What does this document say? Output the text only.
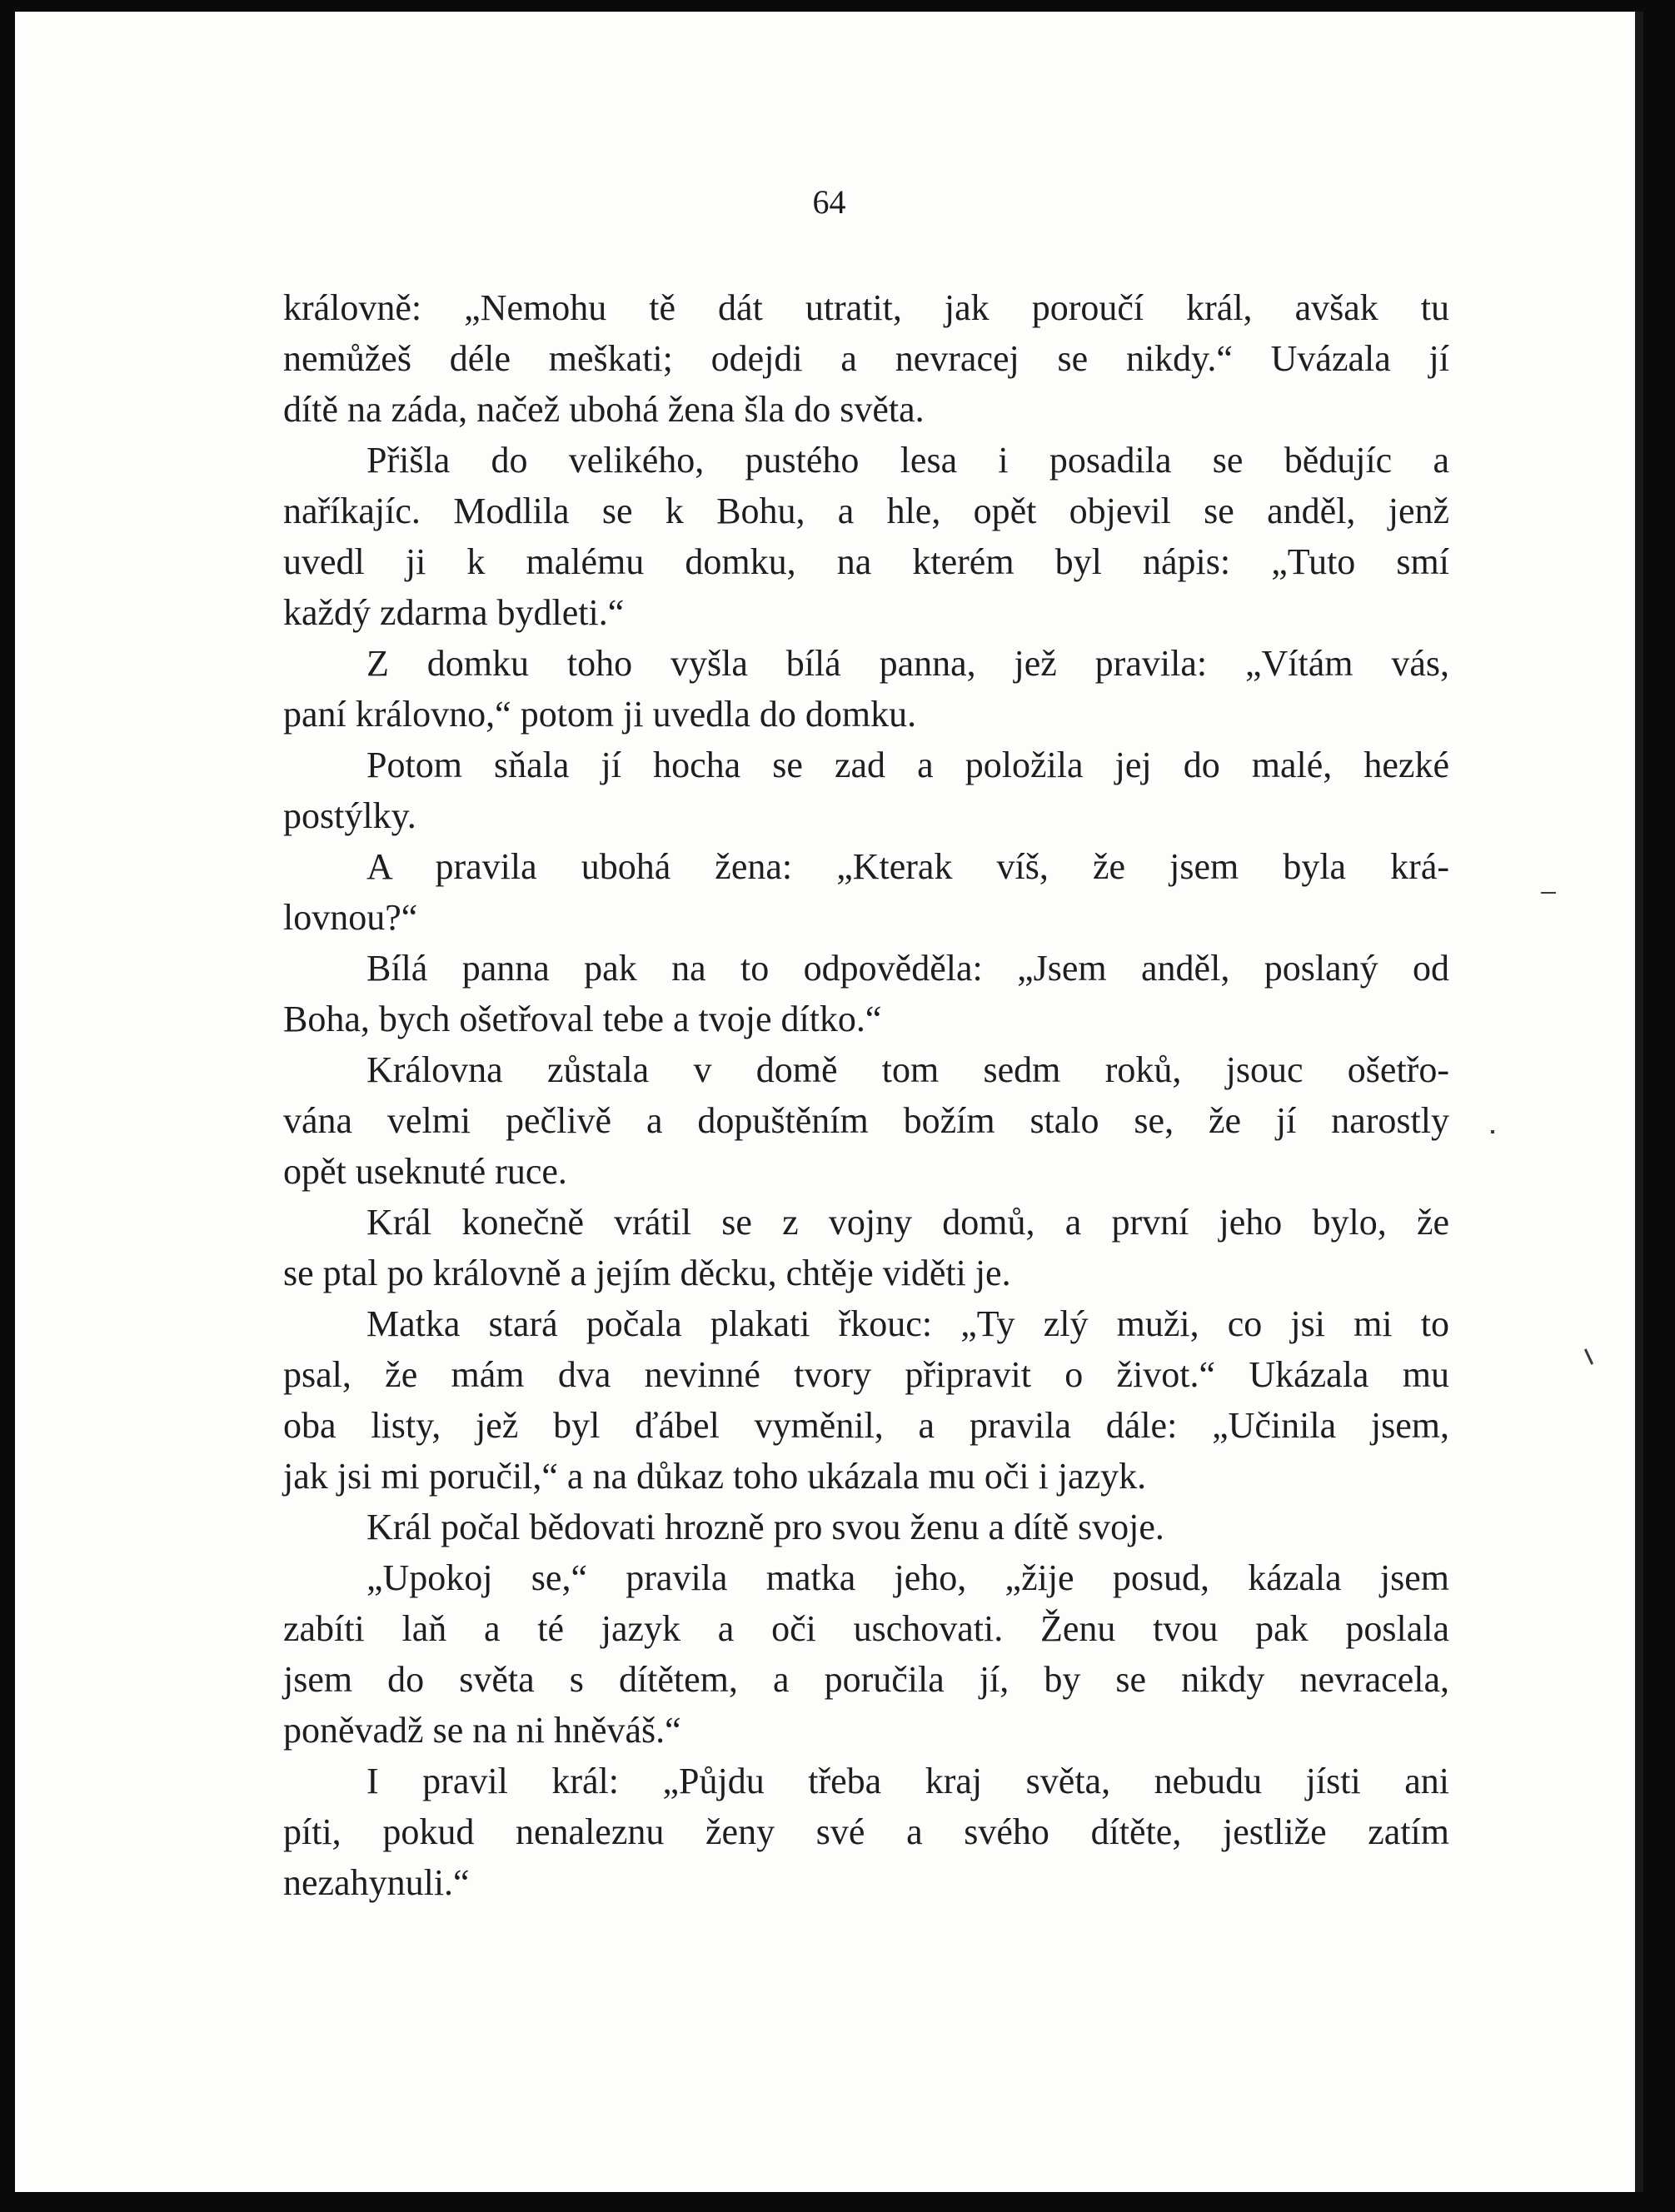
64
královně: „Nemohu tě dát utratit, jak poroučí král, avšak tu
nemůžeš déle meškati; odejdi a nevracej se nikdy.“ Uvázala jí
dítě na záda, načež ubohá žena šla do světa.
Přišla do velikého, pustého lesa i posadila se bědujíc a
naříkajíc. Modlila se k Bohu, a hle, opět objevil se anděl, jenž
uvedl ji k malému domku, na kterém byl nápis: „Tuto smí
každý zdarma bydleti.“
Z domku toho vyšla bílá panna, jež pravila: „Vítám vás,
paní královno,“ potom ji uvedla do domku.
Potom sňala jí hocha se zad a položila jej do malé, hezké
postýlky.
A pravila ubohá žena: „Kterak víš, že jsem byla krá-
lovnou?“
Bílá panna pak na to odpověděla: „Jsem anděl, poslaný od
Boha, bych ošetřoval tebe a tvoje dítko.“
Královna zůstala v domě tom sedm roků, jsouc ošetřo-
vána velmi pečlivě a dopuštěním božím stalo se, že jí narostly
opět useknuté ruce.
Král konečně vrátil se z vojny domů, a první jeho bylo, že
se ptal po královně a jejím děcku, chtěje viděti je.
Matka stará počala plakati řkouc: „Ty zlý muži, co jsi mi to
psal, že mám dva nevinné tvory připravit o život.“ Ukázala mu
oba listy, jež byl ďábel vyměnil, a pravila dále: „Učinila jsem,
jak jsi mi poručil,“ a na důkaz toho ukázala mu oči i jazyk.
Král počal bědovati hrozně pro svou ženu a dítě svoje.
„Upokoj se,“ pravila matka jeho, „žije posud, kázala jsem
zabíti laň a té jazyk a oči uschovati. Ženu tvou pak poslala
jsem do světa s dítětem, a poručila jí, by se nikdy nevracela,
poněvadž se na ni hněváš.“
I pravil král: „Půjdu třeba kraj světa, nebudu jísti ani
píti, pokud nenaleznu ženy své a svého dítěte, jestliže zatím
nezahynuli.“
